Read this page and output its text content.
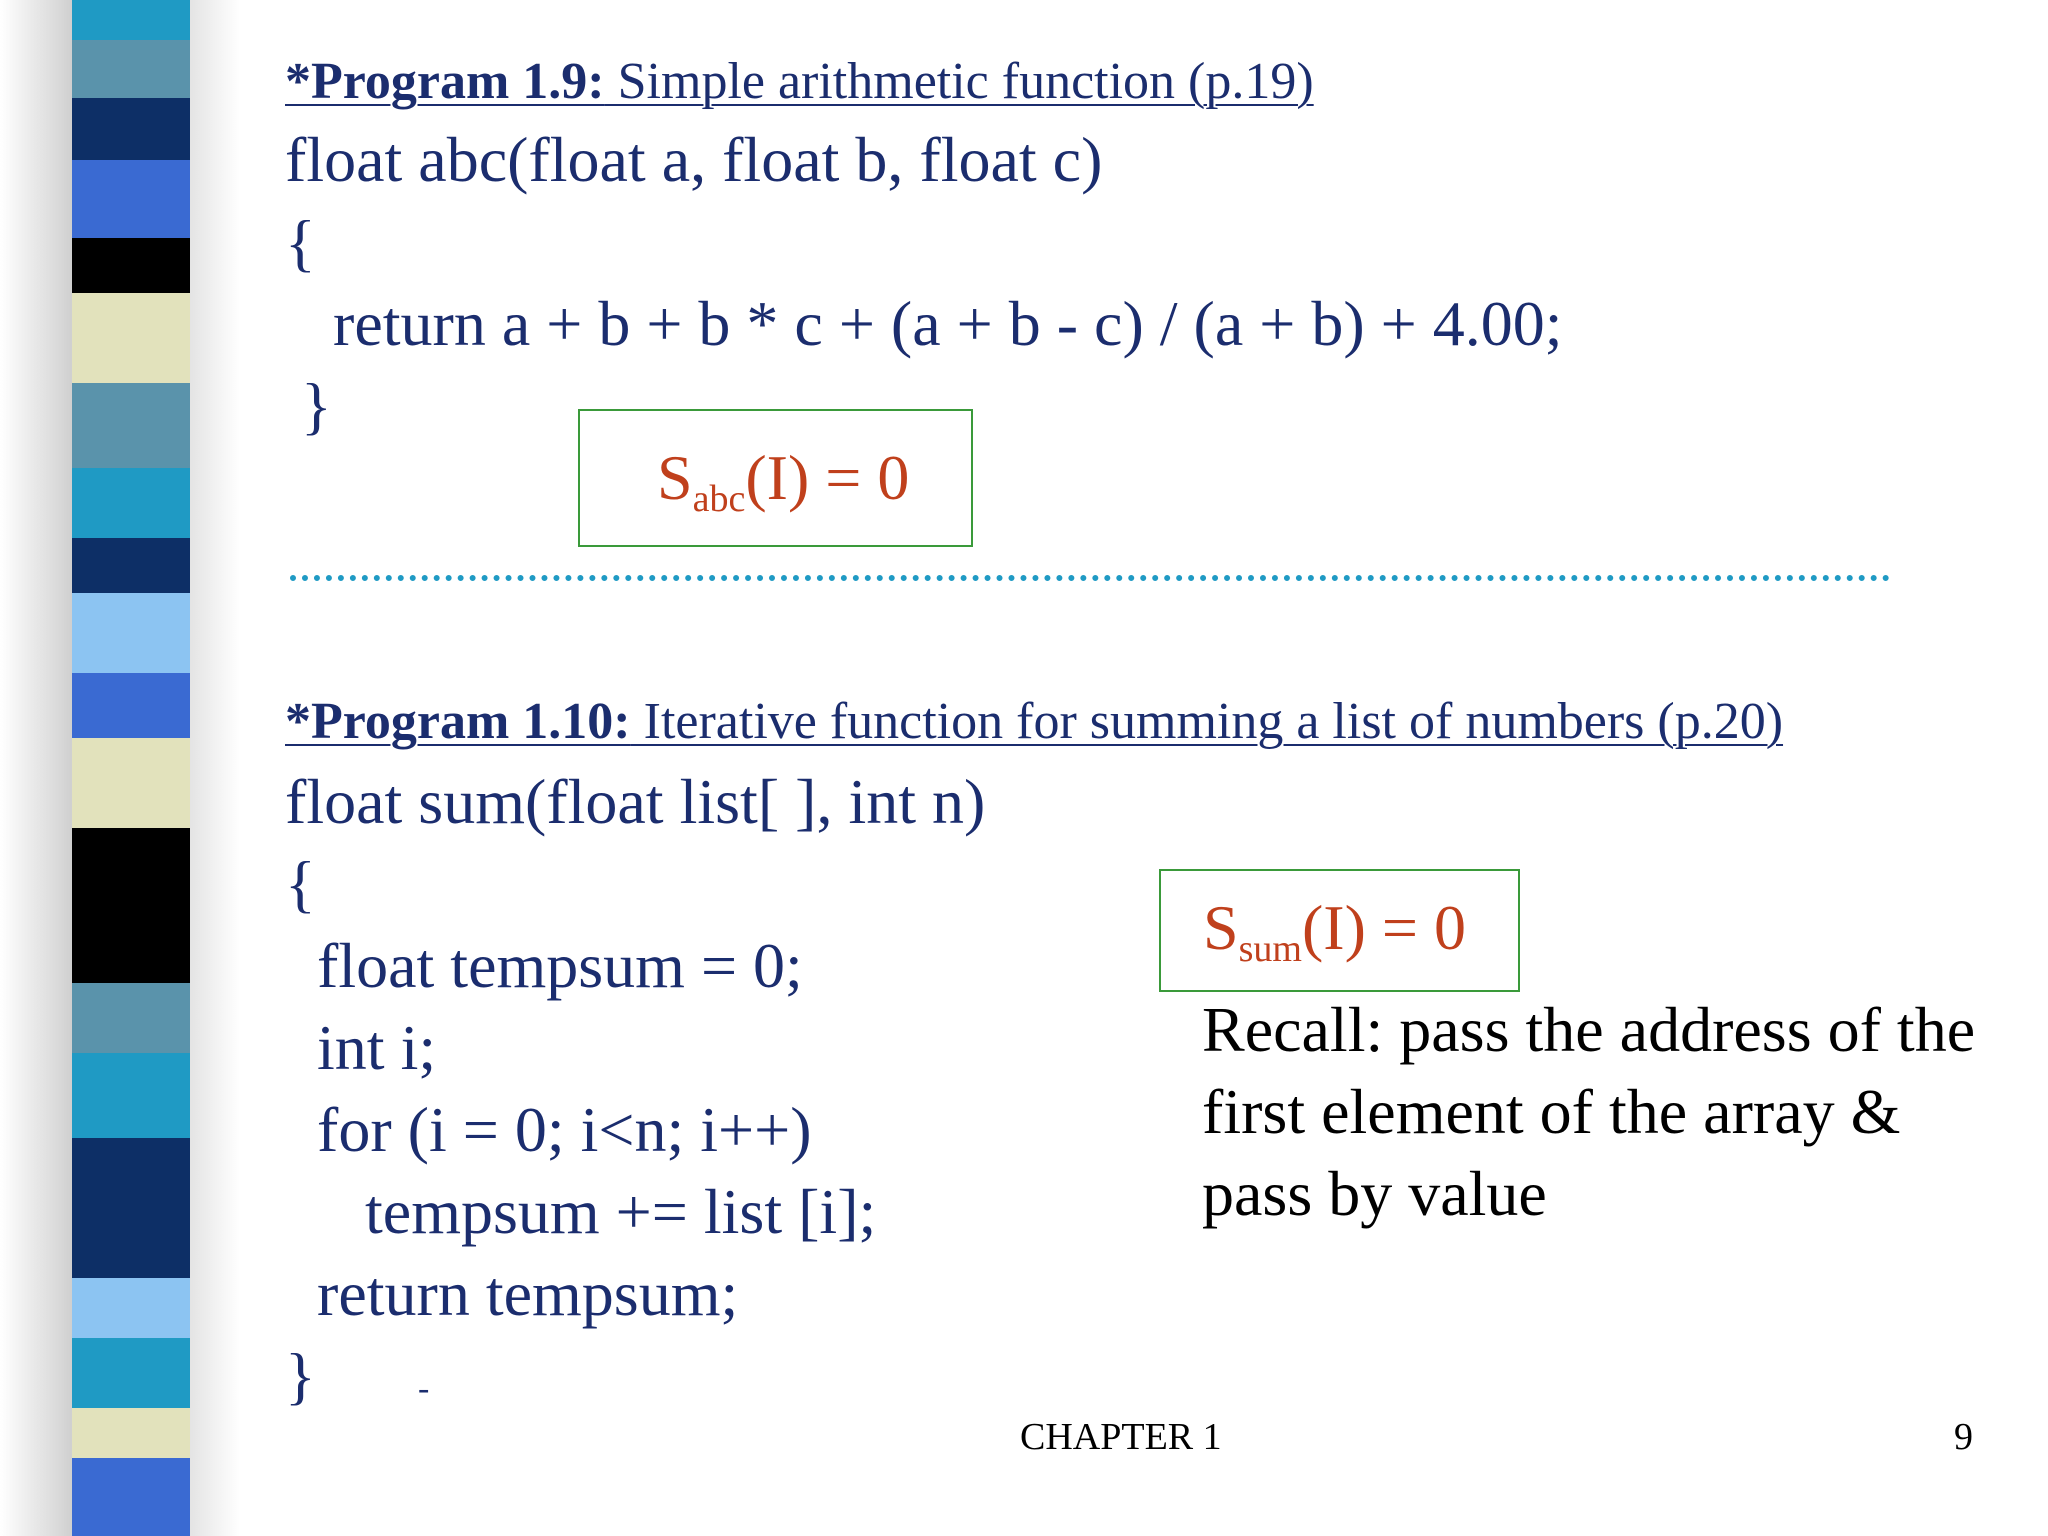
*Program 1.9: Simple arithmetic function (p.19)
float abc(float a, float b, float c)
{
return a + b + b * c + (a + b - c) / (a + b) + 4.00;
}
$S_{abc}(I) = 0$
*Program 1.10: Iterative function for summing a list of numbers (p.20)
float sum(float list[ ], int n)
{
float tempsum = 0;
int i;
for (i = 0; i<n; i++)
tempsum += list [i];
return tempsum;
}	-
$S_{sum}(I) = 0$
Recall: pass the address of the
first element of the array &
pass by value
CHAPTER 1	9
